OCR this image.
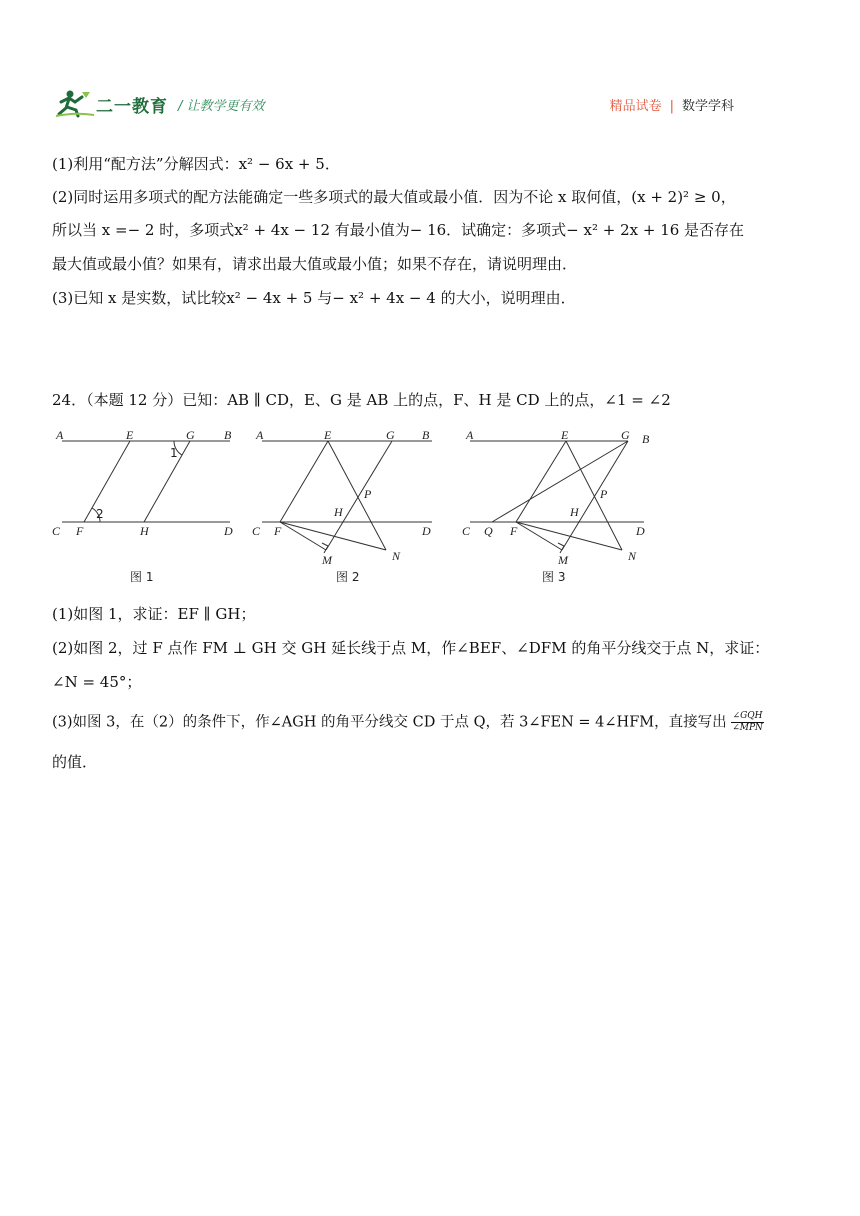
二一教育 / 让教学更有效	精品试卷 | 数学学科
(1)利用“配方法”分解因式：x² − 6x + 5．
(2)同时运用多项式的配方法能确定一些多项式的最大值或最小值．因为不论 x 取何值，(x + 2)² ≥ 0，
所以当 x =− 2 时，多项式x² + 4x − 12 有最小值为− 16．试确定：多项式− x² + 2x + 16 是否存在
最大值或最小值？如果有，请求出最大值或最小值；如果不存在，请说明理由．
(3)已知 x 是实数，试比较x² − 4x + 5 与− x² + 4x − 4 的大小，说明理由．
24．（本题 12 分）已知：AB ∥ CD，E、G 是 AB 上的点，F、H 是 CD 上的点，∠1 = ∠2
A	E	G B
1
2
C F	H	D
图 1
A	E	G B
P
H
C F	D
M	N
图 2
A	E	G B
P
H
C Q F	D
M	N
图 3
(1)如图 1，求证：EF ∥ GH；
(2)如图 2，过 F 点作 FM ⊥ GH 交 GH 延长线于点 M，作∠BEF、∠DFM 的角平分线交于点 N，求证：
∠N = 45°；
(3)如图 3，在（2）的条件下，作∠AGH 的角平分线交 CD 于点 Q，若 3∠FEN = 4∠HFM，直接写出 ∠GQH
∠MPN
的值．
